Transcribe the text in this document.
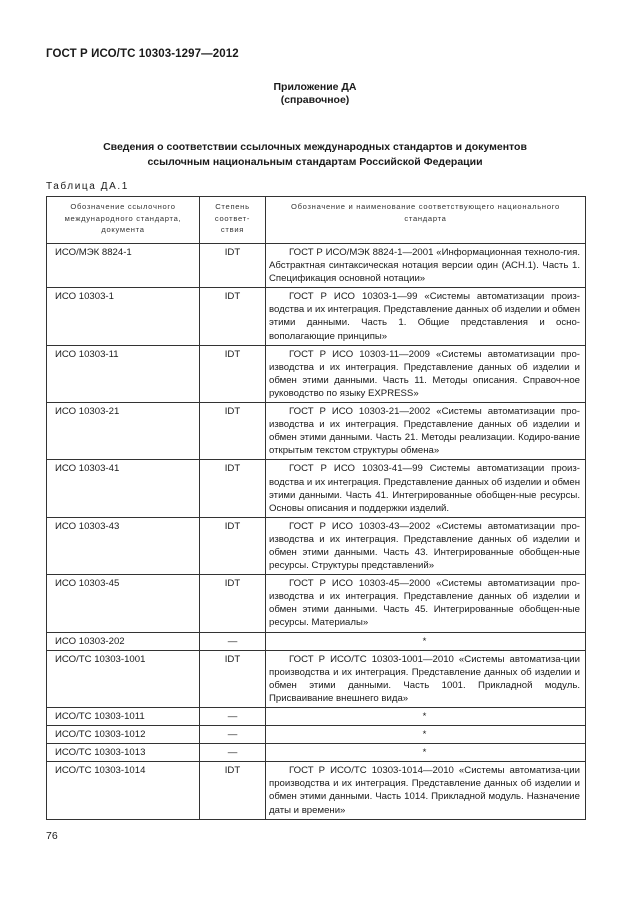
ГОСТ Р ИСО/ТС 10303-1297—2012
Приложение ДА
(справочное)
Сведения о соответствии ссылочных международных стандартов и документов
ссылочным национальным стандартам Российской Федерации
Таблица ДА.1
Обозначение ссылочного международного стандарта, документа	Степень соответ- ствия	Обозначение и наименование соответствующего национального стандарта
ИСО/МЭК 8824-1	IDT	ГОСТ Р ИСО/МЭК 8824-1—2001 «Информационная техноло-гия. Абстрактная синтаксическая нотация версии один (АСН.1). Часть 1. Спецификация основной нотации»

ИСО 10303-1	IDT	ГОСТ Р ИСО 10303-1—99 «Системы автоматизации произ-водства и их интеграция. Представление данных об изделии и обмен этими данными. Часть 1. Общие представления и осно-вополагающие принципы»

ИСО 10303-11	IDT	ГОСТ Р ИСО 10303-11—2009 «Системы автоматизации про-изводства и их интеграция. Представление данных об изделии и обмен этими данными. Часть 11. Методы описания. Справоч-ное руководство по языку EXPRESS»

ИСО 10303-21	IDT	ГОСТ Р ИСО 10303-21—2002 «Системы автоматизации про-изводства и их интеграция. Представление данных об изделии и обмен этими данными. Часть 21. Методы реализации. Кодиро-вание открытым текстом структуры обмена»

ИСО 10303-41	IDT	ГОСТ Р ИСО 10303-41—99 Системы автоматизации произ-водства и их интеграция. Представление данных об изделии и обмен этими данными. Часть 41. Интегрированные обобщен-ные ресурсы. Основы описания и поддержки изделий.

ИСО 10303-43	IDT	ГОСТ Р ИСО 10303-43—2002 «Системы автоматизации про-изводства и их интеграция. Представление данных об изделии и обмен этими данными. Часть 43. Интегрированные обобщен-ные ресурсы. Структуры представлений»

ИСО 10303-45	IDT	ГОСТ Р ИСО 10303-45—2000 «Системы автоматизации про-изводства и их интеграция. Представление данных об изделии и обмен этими данными. Часть 45. Интегрированные обобщен-ные ресурсы. Материалы»

ИСО 10303-202	—	*
ИСО/ТС 10303-1001	IDT	ГОСТ Р ИСО/ТС 10303-1001—2010 «Системы автоматиза-ции производства и их интеграция. Представление данных об изделии и обмен этими данными. Часть 1001. Прикладной модуль. Присваивание внешнего вида»

ИСО/ТС 10303-1011	—	*
ИСО/ТС 10303-1012	—	*
ИСО/ТС 10303-1013	—	*
ИСО/ТС 10303-1014	IDT	ГОСТ Р ИСО/ТС 10303-1014—2010 «Системы автоматиза-ции производства и их интеграция. Представление данных об изделии и обмен этими данными. Часть 1014. Прикладной модуль. Назначение даты и времени»
76
